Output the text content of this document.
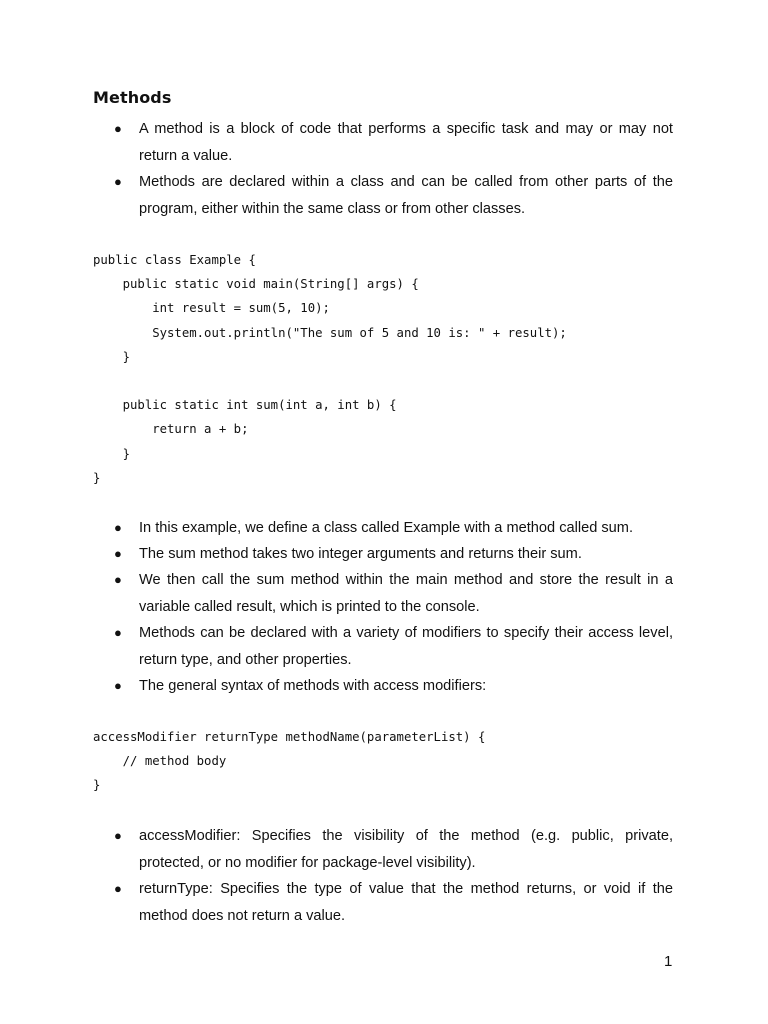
Methods
● A method is a block of code that performs a specific task and may or may not return a value.
● Methods are declared within a class and can be called from other parts of the program, either within the same class or from other classes.
public class Example {
public static void main(String[] args) {
int result = sum(5, 10);
System.out.println("The sum of 5 and 10 is: " + result);
}
public static int sum(int a, int b) {
return a + b;
}
}
● In this example, we define a class called Example with a method called sum.
● The sum method takes two integer arguments and returns their sum.
● We then call the sum method within the main method and store the result in a variable called result, which is printed to the console.
● Methods can be declared with a variety of modifiers to specify their access level, return type, and other properties.
● The general syntax of methods with access modifiers:
accessModifier returnType methodName(parameterList) {
// method body
}
● accessModifier: Specifies the visibility of the method (e.g. public, private, protected, or no modifier for package-level visibility).
● returnType: Specifies the type of value that the method returns, or void if the method does not return a value.
1
